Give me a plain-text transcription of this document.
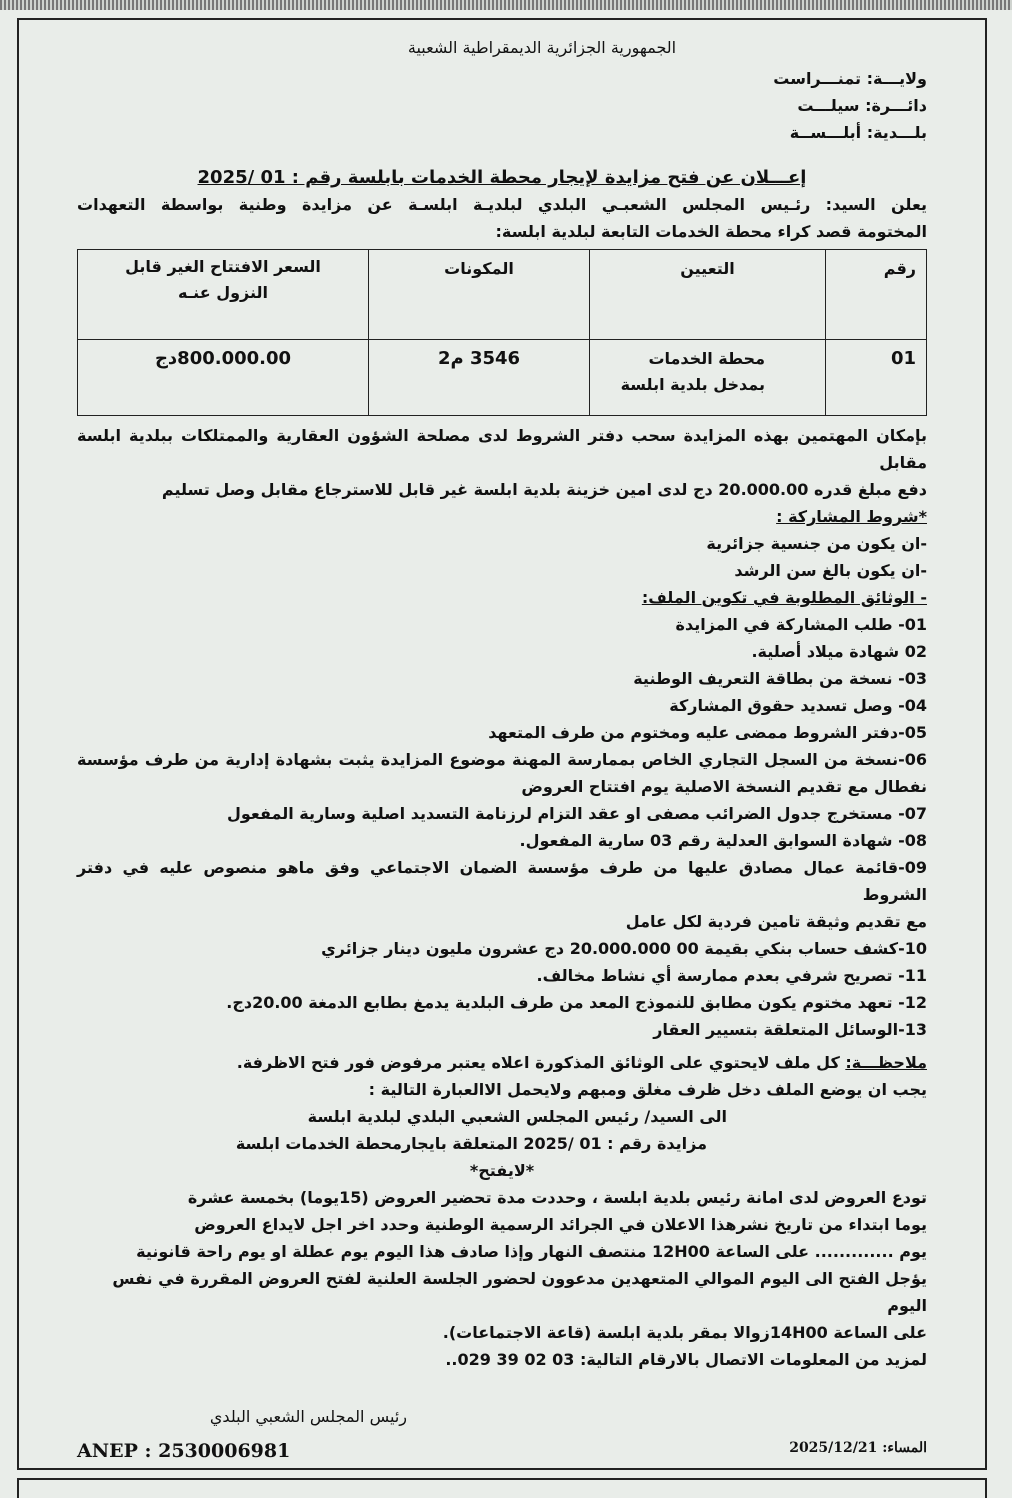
الجمهورية الجزائرية الديمقراطية الشعبية
ولايـــة: تمنـــراست
دائـــرة: سيلـــت
بلـــدية: أبلـــســة
إعـــلان عن فتح مزايدة لإيجار محطة الخدمات بابلسة رقم : 01 /2025
يعلن السيد: رئـيس المجلس الشعبـي البلدي لبلديـة ابلسـة عن مزايدة وطنية بواسطة التعهدات
المختومة قصد كراء محطة الخدمات التابعة لبلدية ابلسة:
رقم	التعيين	المكونات	السعر الافتتاح الغير قابل النزول عنـه
01	محطة الخدمات بمدخل بلدية ابلسة	3546 م2	800.000.00دج
بإمكان المهتمين بهذه المزايدة سحب دفتر الشروط لدى مصلحة الشؤون العقارية والممتلكات ببلدية ابلسة مقابل
دفع مبلغ قدره 20.000.00 دج لدى امين خزينة بلدية ابلسة غير قابل للاسترجاع مقابل وصل تسليم
*شروط المشاركة :
-ان يكون من جنسية جزائرية
-ان يكون بالغ سن الرشد
- الوثائق المطلوبة في تكوين الملف:
01- طلب المشاركة في المزايدة
02 شهادة ميلاد أصلية.
03- نسخة من بطاقة التعريف الوطنية
04- وصل تسديد حقوق المشاركة
05-دفتر الشروط ممضى عليه ومختوم من طرف المتعهد
06-نسخة من السجل التجاري الخاص بممارسة المهنة موضوع المزايدة يثبت بشهادة إدارية من طرف مؤسسة
نفطال مع تقديم النسخة الاصلية يوم افتتاح العروض
07- مستخرج جدول الضرائب مصفى او عقد التزام لرزنامة التسديد اصلية وسارية المفعول
08- شهادة السوابق العدلية رقم 03 سارية المفعول.
09-قائمة عمال مصادق عليها من طرف مؤسسة الضمان الاجتماعي وفق ماهو منصوص عليه في دفتر الشروط
مع تقديم وثيقة تامين فردية لكل عامل
10-كشف حساب بنكي بقيمة 00 20.000.000 دج عشرون مليون دينار جزائري
11- تصريح شرفي بعدم ممارسة أي نشاط مخالف.
12- تعهد مختوم يكون مطابق للنموذج المعد من طرف البلدية يدمغ بطابع الدمغة 20.00دج.
13-الوسائل المتعلقة بتسيير العقار
ملاحظـــة: كل ملف لايحتوي على الوثائق المذكورة اعلاه يعتبر مرفوض فور فتح الاظرفة.
يجب ان يوضع الملف دخل ظرف مغلق ومبهم ولايحمل الاالعبارة التالية :
الى السيد/ رئيس المجلس الشعبي البلدي لبلدية ابلسة
مزايدة رقم : 01 /2025 المتعلقة بايجارمحطة الخدمات ابلسة
*لايفتح*
تودع العروض لدى امانة رئيس بلدية ابلسة ، وحددت مدة تحضير العروض (15يوما) بخمسة عشرة
يوما ابتداء من تاريخ نشرهذا الاعلان في الجرائد الرسمية الوطنية وحدد اخر اجل لايداع العروض
يوم ............. على الساعة 12H00 منتصف النهار وإذا صادف هذا اليوم يوم عطلة او يوم راحة قانونية
يؤجل الفتح الى اليوم الموالي المتعهدين مدعوون لحضور الجلسة العلنية لفتح العروض المقررة في نفس اليوم
على الساعة 14H00زوالا بمقر بلدية ابلسة (قاعة الاجتماعات).
لمزيد من المعلومات الاتصال بالارقام التالية: 03 02 39 029..
رئيس المجلس الشعبي البلدي
ANEP : 2530006981	المساء: 2025/12/21
